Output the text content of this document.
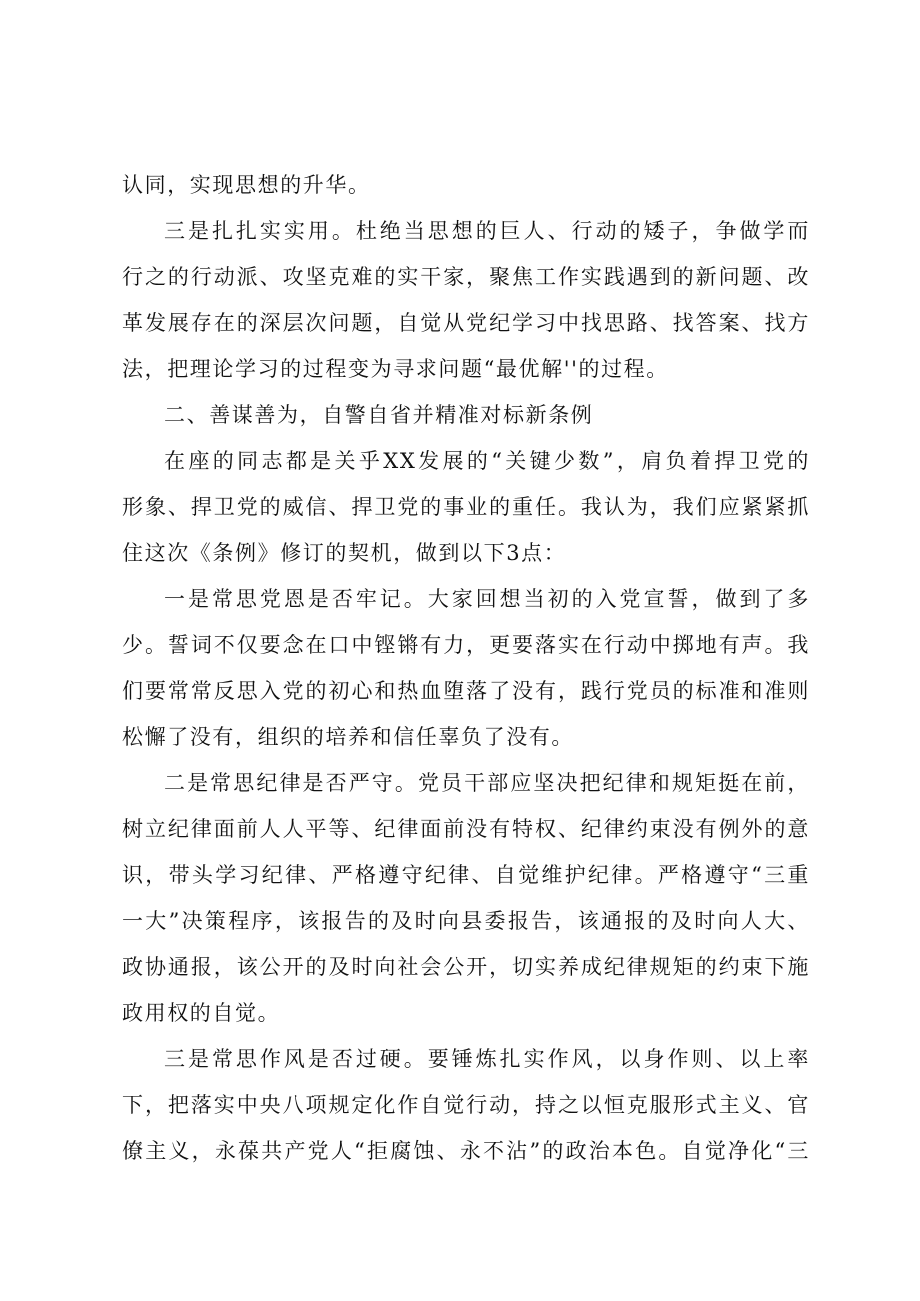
认同，实现思想的升华。
三是扎扎实实用。杜绝当思想的巨人、行动的矮子，争做学而
行之的行动派、攻坚克难的实干家，聚焦工作实践遇到的新问题、改
革发展存在的深层次问题，自觉从党纪学习中找思路、找答案、找方
法，把理论学习的过程变为寻求问题“最优解''的过程。
二、善谋善为，自警自省并精准对标新条例
在座的同志都是关乎XX发展的“关键少数”，肩负着捍卫党的
形象、捍卫党的威信、捍卫党的事业的重任。我认为，我们应紧紧抓
住这次《条例》修订的契机，做到以下3点：
一是常思党恩是否牢记。大家回想当初的入党宣誓，做到了多
少。誓词不仅要念在口中铿锵有力，更要落实在行动中掷地有声。我
们要常常反思入党的初心和热血堕落了没有，践行党员的标准和准则
松懈了没有，组织的培养和信任辜负了没有。
二是常思纪律是否严守。党员干部应坚决把纪律和规矩挺在前，
树立纪律面前人人平等、纪律面前没有特权、纪律约束没有例外的意
识，带头学习纪律、严格遵守纪律、自觉维护纪律。严格遵守“三重
一大”决策程序，该报告的及时向县委报告，该通报的及时向人大、
政协通报，该公开的及时向社会公开，切实养成纪律规矩的约束下施
政用权的自觉。
三是常思作风是否过硬。要锤炼扎实作风，以身作则、以上率
下，把落实中央八项规定化作自觉行动，持之以恒克服形式主义、官
僚主义，永葆共产党人“拒腐蚀、永不沾”的政治本色。自觉净化“三
